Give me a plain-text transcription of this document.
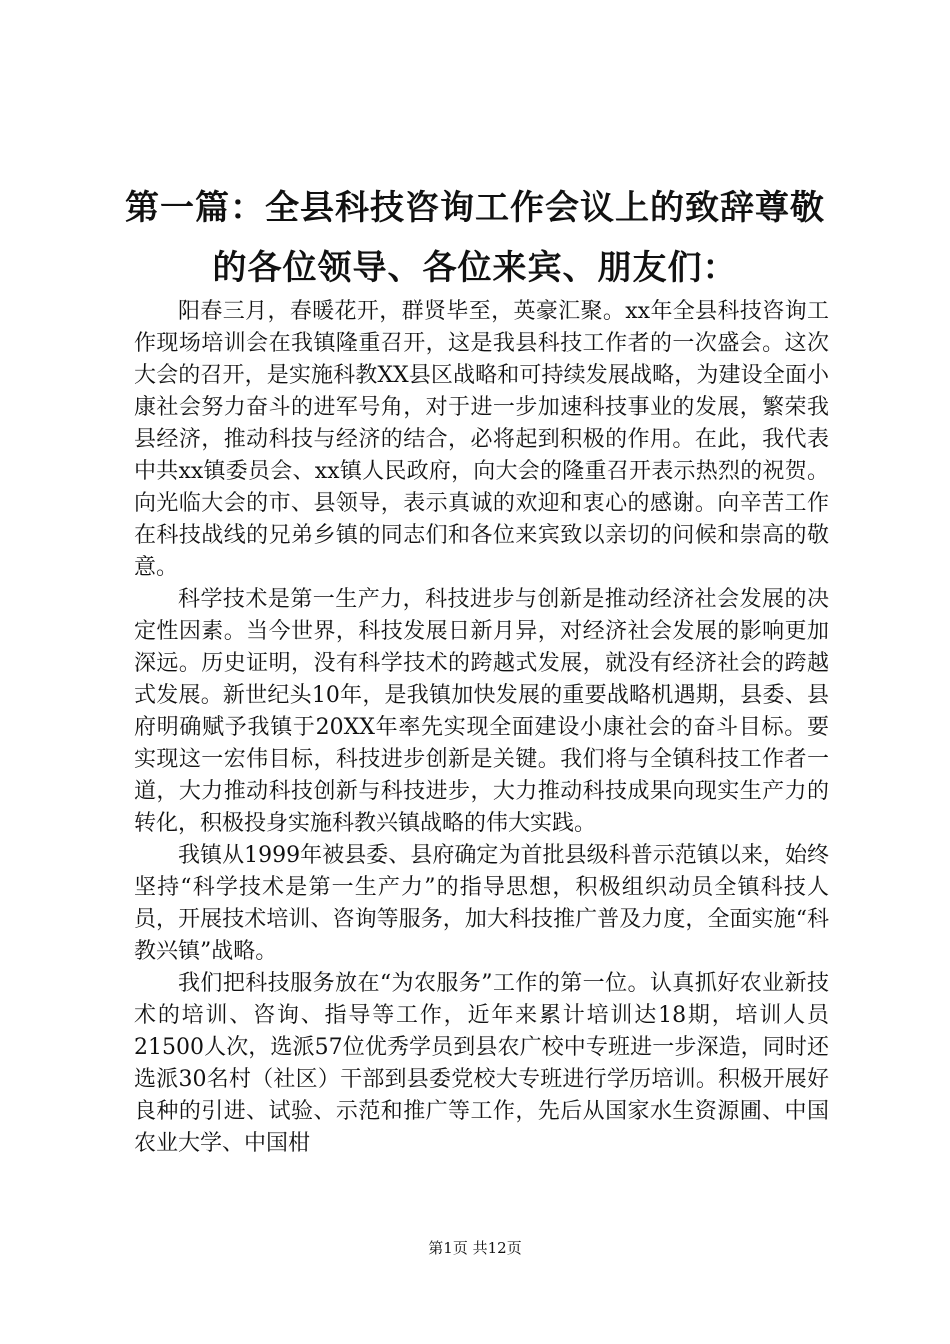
第一篇：全县科技咨询工作会议上的致辞尊敬
的各位领导、各位来宾、朋友们：

阳春三月，春暖花开，群贤毕至，英豪汇聚。xx年全县科技咨询工作现场培训会在我镇隆重召开，这是我县科技工作者的一次盛会。这次大会的召开，是实施科教XX县区战略和可持续发展战略，为建设全面小康社会努力奋斗的进军号角，对于进一步加速科技事业的发展，繁荣我县经济，推动科技与经济的结合，必将起到积极的作用。在此，我代表中共xx镇委员会、xx镇人民政府，向大会的隆重召开表示热烈的祝贺。向光临大会的市、县领导，表示真诚的欢迎和衷心的感谢。向辛苦工作在科技战线的兄弟乡镇的同志们和各位来宾致以亲切的问候和崇高的敬意。

科学技术是第一生产力，科技进步与创新是推动经济社会发展的决定性因素。当今世界，科技发展日新月异，对经济社会发展的影响更加深远。历史证明，没有科学技术的跨越式发展，就没有经济社会的跨越式发展。新世纪头10年，是我镇加快发展的重要战略机遇期，县委、县府明确赋予我镇于20XX年率先实现全面建设小康社会的奋斗目标。要实现这一宏伟目标，科技进步创新是关键。我们将与全镇科技工作者一道，大力推动科技创新与科技进步，大力推动科技成果向现实生产力的转化，积极投身实施科教兴镇战略的伟大实践。

我镇从1999年被县委、县府确定为首批县级科普示范镇以来，始终坚持“科学技术是第一生产力”的指导思想，积极组织动员全镇科技人员，开展技术培训、咨询等服务，加大科技推广普及力度，全面实施“科教兴镇”战略。

我们把科技服务放在“为农服务”工作的第一位。认真抓好农业新技术的培训、咨询、指导等工作，近年来累计培训达18期，培训人员21500人次，选派57位优秀学员到县农广校中专班进一步深造，同时还选派30名村（社区）干部到县委党校大专班进行学历培训。积极开展好良种的引进、试验、示范和推广等工作，先后从国家水生资源圃、中国农业大学、中国柑

第1页 共12页
